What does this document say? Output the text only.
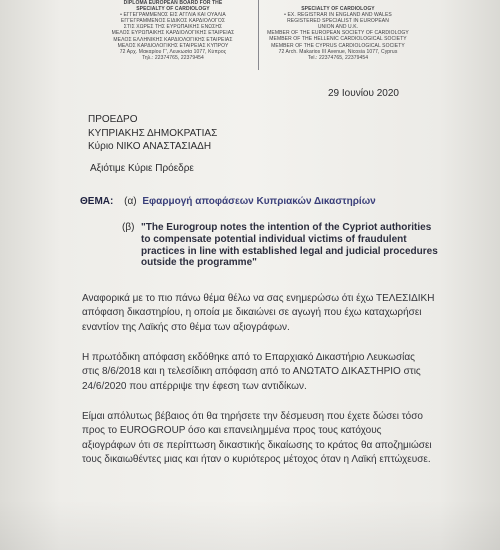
DIPLOMA EUROPEAN BOARD FOR THE
SPECIALTY OF CARDIOLOGY
• ΕΓΓΕΓΡΑΜΜΕΝΟΣ ΕΙΣ ΑΓΓΛΙΑ ΚΑΙ ΟΥΑΛΙΑ
ΕΓΓΕΓΡΑΜΜΕΝΟΣ ΕΙΔΙΚΟΣ ΚΑΡΔΙΟΛΟΓΟΣ
ΣΤΙΣ ΧΩΡΕΣ ΤΗΣ ΕΥΡΩΠΑΪΚΗΣ ΕΝΩΣΗΣ
ΜΕΛΟΣ ΕΥΡΩΠΑΪΚΗΣ ΚΑΡΔΙΟΛΟΓΙΚΗΣ ΕΤΑΙΡΕΙΑΣ
ΜΕΛΟΣ ΕΛΛΗΝΙΚΗΣ ΚΑΡΔΙΟΛΟΓΙΚΗΣ ΕΤΑΙΡΕΙΑΣ
ΜΕΛΟΣ ΚΑΡΔΙΟΛΟΓΙΚΗΣ ΕΤΑΙΡΕΙΑΣ ΚΥΠΡΟΥ
72 Αρχ. Μακαρίου Γ', Λευκωσία 1077, Κύπρος
Τηλ.: 22374765, 22379454
SPECIALTY OF CARDIOLOGY
• EX. REGISTRAR IN ENGLAND AND WALES
REGISTERED SPECIALIST IN EUROPEAN
UNION AND U.K.
MEMBER OF THE EUROPEAN SOCIETY OF CARDIOLOGY
MEMBER OF THE HELLENIC CARDIOLOGICAL SOCIETY
MEMBER OF THE CYPRUS CARDIOLOGICAL SOCIETY
72 Arch. Makarios III Avenue, Nicosia 1077, Cyprus
Tel.: 22374765, 22379454
29 Ιουνίου 2020
ΠΡΟΕΔΡΟ
ΚΥΠΡΙΑΚΗΣ ΔΗΜΟΚΡΑΤΙΑΣ
Κύριο ΝΙΚΟ ΑΝΑΣΤΑΣΙΑΔΗ
Αξιότιμε Κύριε Πρόεδρε
ΘΕΜΑ: (α) Εφαρμογή αποφάσεων Κυπριακών Δικαστηρίων
(β) "The Eurogroup notes the intention of the Cypriot authorities
to compensate potential individual victims of fraudulent
practices in line with established legal and judicial procedures
outside the programme"
Αναφορικά με το πιο πάνω θέμα θέλω να σας ενημερώσω ότι έχω ΤΕΛΕΣΙΔΙΚΗ
απόφαση δικαστηρίου, η οποία με δικαιώνει σε αγωγή που έχω καταχωρήσει
εναντίον της Λαϊκής στο θέμα των αξιογράφων.
Η πρωτόδικη απόφαση εκδόθηκε από το Επαρχιακό Δικαστήριο Λευκωσίας
στις 8/6/2018 και η τελεσίδικη απόφαση από το ΑΝΩΤΑΤΟ ΔΙΚΑΣΤΗΡΙΟ στις
24/6/2020 που απέρριψε την έφεση των αντιδίκων.
Είμαι απόλυτως βέβαιος ότι θα τηρήσετε την δέσμευση που έχετε δώσει τόσο
προς το EUROGROUP όσο και επανειλημμένα προς τους κατόχους
αξιογράφων ότι σε περίπτωση δικαστικής δικαίωσης το κράτος θα αποζημιώσει
τους δικαιωθέντες μιας και ήταν ο κυριότερος μέτοχος όταν η Λαϊκή επτώχευσε.
